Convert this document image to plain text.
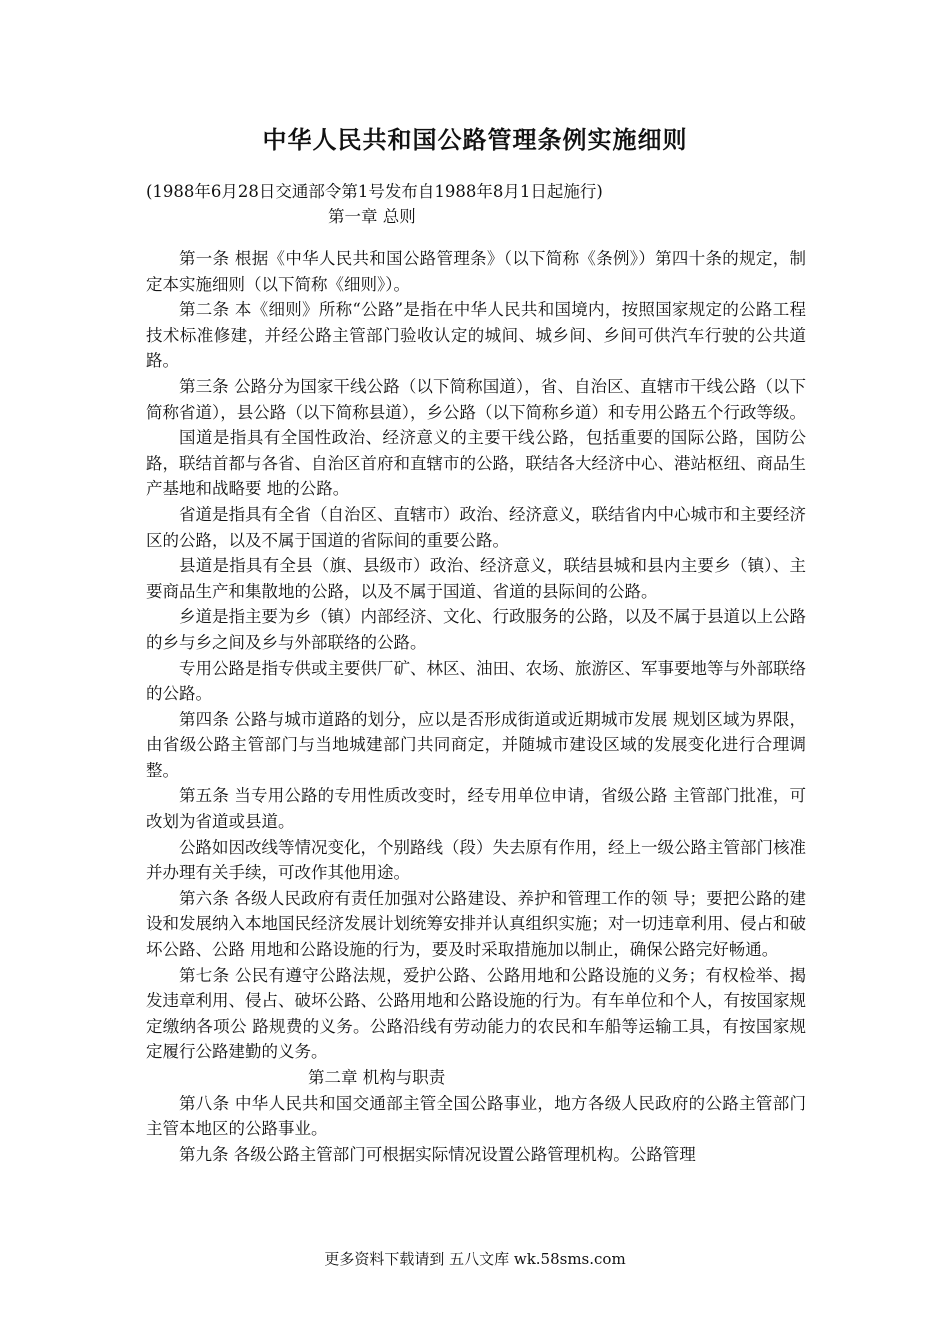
中华人民共和国公路管理条例实施细则
(1988年6月28日交通部令第1号发布自1988年8月1日起施行)
第一章 总则

第一条 根据《中华人民共和国公路管理条》（以下简称《条例》）第四十条的规定，制定本实施细则（以下简称《细则》）。

第二条 本《细则》所称“公路”是指在中华人民共和国境内，按照国家规定的公路工程技术标准修建，并经公路主管部门验收认定的城间、城乡间、乡间可供汽车行驶的公共道路。

第三条 公路分为国家干线公路（以下简称国道），省、自治区、直辖市干线公路（以下简称省道），县公路（以下简称县道），乡公路（以下简称乡道）和专用公路五个行政等级。

国道是指具有全国性政治、经济意义的主要干线公路，包括重要的国际公路，国防公路，联结首都与各省、自治区首府和直辖市的公路，联结各大经济中心、港站枢纽、商品生产基地和战略要 地的公路。

省道是指具有全省（自治区、直辖市）政治、经济意义，联结省内中心城市和主要经济区的公路，以及不属于国道的省际间的重要公路。

县道是指具有全县（旗、县级市）政治、经济意义，联结县城和县内主要乡（镇）、主要商品生产和集散地的公路，以及不属于国道、省道的县际间的公路。

乡道是指主要为乡（镇）内部经济、文化、行政服务的公路，以及不属于县道以上公路的乡与乡之间及乡与外部联络的公路。

专用公路是指专供或主要供厂矿、林区、油田、农场、旅游区、军事要地等与外部联络的公路。

第四条 公路与城市道路的划分，应以是否形成街道或近期城市发展 规划区域为界限，由省级公路主管部门与当地城建部门共同商定，并随城市建设区域的发展变化进行合理调整。

第五条 当专用公路的专用性质改变时，经专用单位申请，省级公路 主管部门批准，可改划为省道或县道。

公路如因改线等情况变化，个别路线（段）失去原有作用，经上一级公路主管部门核准并办理有关手续，可改作其他用途。

第六条 各级人民政府有责任加强对公路建设、养护和管理工作的领 导；要把公路的建设和发展纳入本地国民经济发展计划统筹安排并认真组织实施；对一切违章利用、侵占和破坏公路、公路 用地和公路设施的行为，要及时采取措施加以制止，确保公路完好畅通。

第七条 公民有遵守公路法规，爱护公路、公路用地和公路设施的义务；有权检举、揭发违章利用、侵占、破坏公路、公路用地和公路设施的行为。有车单位和个人，有按国家规定缴纳各项公 路规费的义务。公路沿线有劳动能力的农民和车船等运输工具，有按国家规定履行公路建勤的义务。

第二章 机构与职责

第八条 中华人民共和国交通部主管全国公路事业，地方各级人民政府的公路主管部门主管本地区的公路事业。

第九条 各级公路主管部门可根据实际情况设置公路管理机构。公路管理

更多资料下载请到 五八文库 wk.58sms.com
